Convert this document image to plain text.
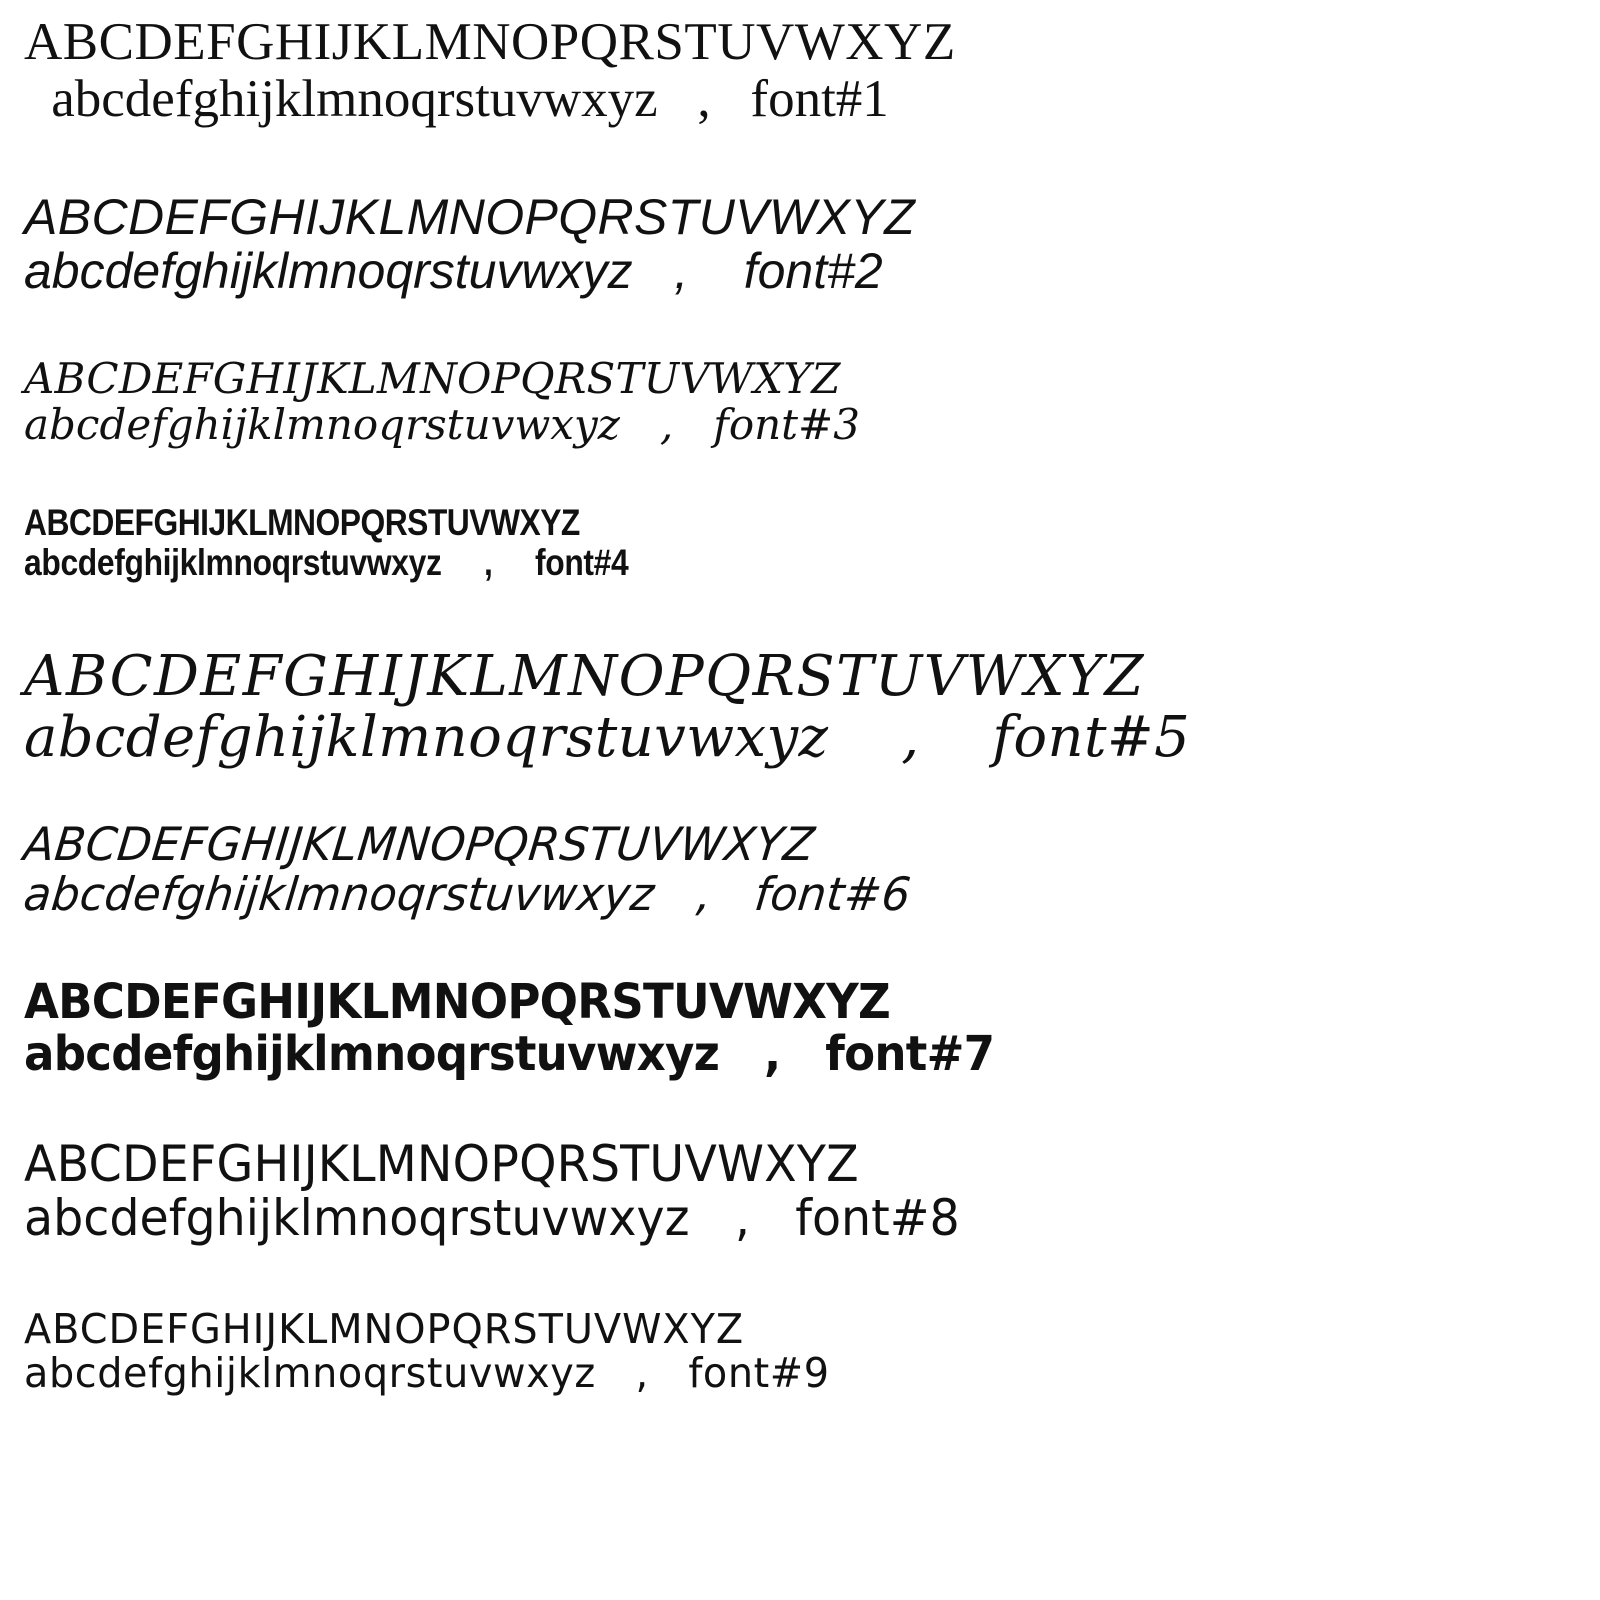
ABCDEFGHIJKLMNOPQRSTUVWXYZ
abcdefghijklmnoqrstuvwxyz   ,   font#1
ABCDEFGHIJKLMNOPQRSTUVWXYZ
abcdefghijklmnoqrstuvwxyz   ,    font#2
ABCDEFGHIJKLMNOPQRSTUVWXYZ
abcdefghijklmnoqrstuvwxyz   ,   font#3
ABCDEFGHIJKLMNOPQRSTUVWXYZ
abcdefghijklmnoqrstuvwxyz     ,     font#4
ABCDEFGHIJKLMNOPQRSTUVWXYZ
abcdefghijklmnoqrstuvwxyz    ,    font#5
ABCDEFGHIJKLMNOPQRSTUVWXYZ
abcdefghijklmnoqrstuvwxyz   ,   font#6
ABCDEFGHIJKLMNOPQRSTUVWXYZ
abcdefghijklmnoqrstuvwxyz   ,   font#7
ABCDEFGHIJKLMNOPQRSTUVWXYZ
abcdefghijklmnoqrstuvwxyz   ,   font#8
ABCDEFGHIJKLMNOPQRSTUVWXYZ
abcdefghijklmnoqrstuvwxyz   ,   font#9
